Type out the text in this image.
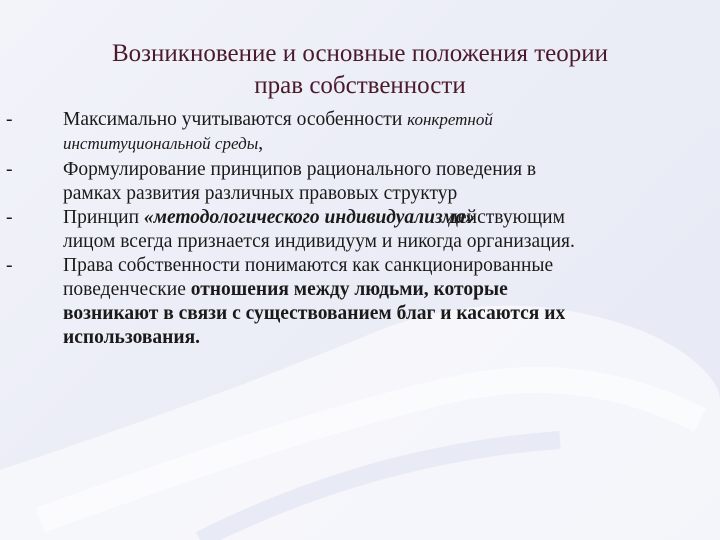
Возникновение и основные положения теории
прав собственности
-	Максимально учитываются особенности конкретной
институциональной среды,
-	Формулирование принципов рационального поведения в
рамках развития различных правовых структур
-	Принцип «методологического индивидуализма»
действующим
лицом всегда признается индивидуум и никогда организация.
-	Права собственности понимаются как санкционированные
поведенческие отношения между людьми, которые
возникают в связи с существованием благ и касаются их
использования.
